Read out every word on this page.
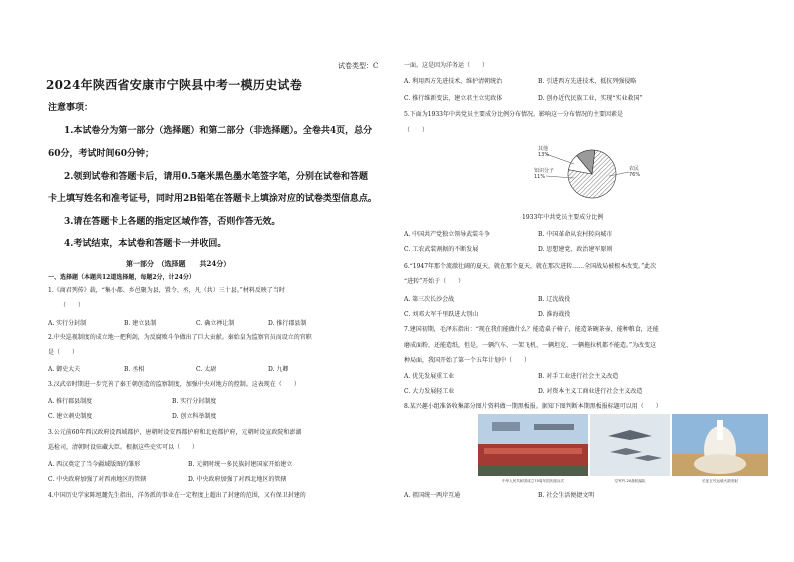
试卷类型：C
2024年陕西省安康市宁陕县中考一模历史试卷
注意事项：
1.本试卷分为第一部分（选择题）和第二部分（非选择题）。全卷共4页，总分
60分，考试时间60分钟；
2.领到试卷和答题卡后，请用0.5毫米黑色墨水笔签字笔，分别在试卷和答题
卡上填写姓名和准考证号，同时用2B铅笔在答题卡上填涂对应的试卷类型信息点。
3.请在答题卡上各题的指定区域作答，否则作答无效。
4.考试结束，本试卷和答题卡一并收回。
第一部分　（选择题　　共24分）
一、选择题（本题共12道选择题，每题2分，计24分）
1.《商君列传》载，“集小都、乡邑聚为县，置令、丞，凡（共）三十县。”材料反映了当时
（　　）
A. 实行分封制	B. 建立县制	C. 确立禅让制	D. 推行郡县制
2.中央巡视制度的成立地一把利剑，为反腐败斗争做出了巨大贡献。秦始皇为监察官员而设立的官职
是（　　）
A. 御史大夫	B. 丞相	C. 太尉	D. 九卿
3.汉武帝时期进一步完善了秦王朝创造的监察制度，加强中央对地方的控制。这表现在（　　）
A. 推行郡县制度	B. 实行分封制度
C. 建立刺史制度	D. 创立科举制度
3.公元前60年西汉政府设西域都护，唐朝时设安西都护府和北庭都护府，元朝时设宣政院和澎湖
巡检司，清朝时设驻藏大臣。根据这些史实可以（　　）
A. 西汉奠定了当今疆域版图的雏形	B. 元朝时统一多民族封建国家开始建立
C. 中央政府加强了对西南地区的管辖	D. 中央政府加强了对西北地区的管辖
4.中国历史学家陈旭麓先生指出，洋务派的事业在一定程度上超出了封建的范围，又有保卫封建的
一面。这是因为洋务运（　　）
A. 利用西方先进技术，维护清朝统治	B. 引进西方先进技术，抵抗列强侵略
C. 推行维新变法，建立君主立宪政体	D. 创办近代民族工业，实现“实业救国”
5.下面为1933年中共党员主要成分比例分布情况。影响这一分布情况的主要因素是
（　　）
其他
13%
知识分子
11%
农民
76%
1933年中共党员主要成分比例
A. 中国共产党独立领导武装斗争	B. 中国革命从农村转向城市
C. 工农武装割据的不断发展	D. 思想建党、政治建军原则
6.“1947年那个流澈壮阔的夏天，就在那个夏天，就在那次进转……全国战局被根本改变。”此次
“进转”开始于（　　）
A. 第三次长沙会战	B. 辽沈战役
C. 刘邓大军千里跃进大别山	D. 淮海战役
7.建国初期，毛泽东指出：“现在我们能做什么？能造桌子椅子，能造茶碗茶壶，能种粮食，还能
磨成面粉，还能造纸，但是，一辆汽车、一架飞机、一辆坦克、一辆拖拉机都不能造。”为改变这
种局面，我国开始了第一个五年计划中（　　）
A. 优先发展重工业	B. 对手工业进行社会主义改造
C. 大力发展轻工业	D. 对资本主义工商业进行社会主义改造
8.某兴趣小组准备收集部分图片资料做一期黑板报。据知下图判断本期黑板报标题可以用（　　）
中华人民共和国成立70周年国庆阅兵式	空军歼-20战机编队	长征五号运载火箭发射
A. 祖国统一两岸互通	B. 社会生活便捷文明
